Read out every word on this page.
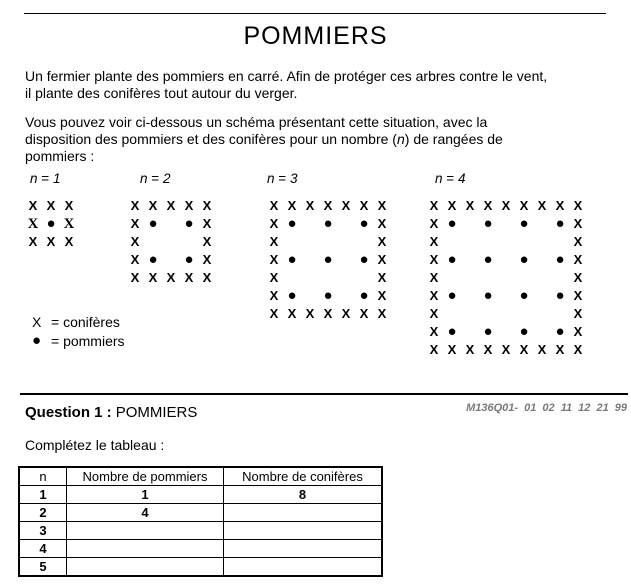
POMMIERS

Un fermier plante des pommiers en carré. Afin de protéger ces arbres contre le vent,
il plante des conifères tout autour du verger.

Vous pouvez voir ci-dessous un schéma présentant cette situation, avec la
disposition des pommiers et des conifères pour un nombre (n) de rangées de
pommiers :

n = 1
X X X
X ● X
X X X
n = 2
X X X X X
X ● ● X
X	X
X ● ● X
X X X X X
n = 3
X X X X X X X
X ● ● ● X
X	X
X ● ● ● X
X	X
X ● ● ● X
X X X X X X X
n = 4
X X X X X X X X X
X ● ● ● ● X
X	X
X ● ● ● ● X
X	X
X ● ● ● ● X
X	X
X ● ● ● ● X
X X X X X X X X X
X = conifères
● = pommiers
Question 1 : POMMIERS	M136Q01- 01 02 11 12 21 99
Complétez le tableau :
n	Nombre de pommiers	Nombre de conifères
1	1	8
2	4	
3		
4		
5		
